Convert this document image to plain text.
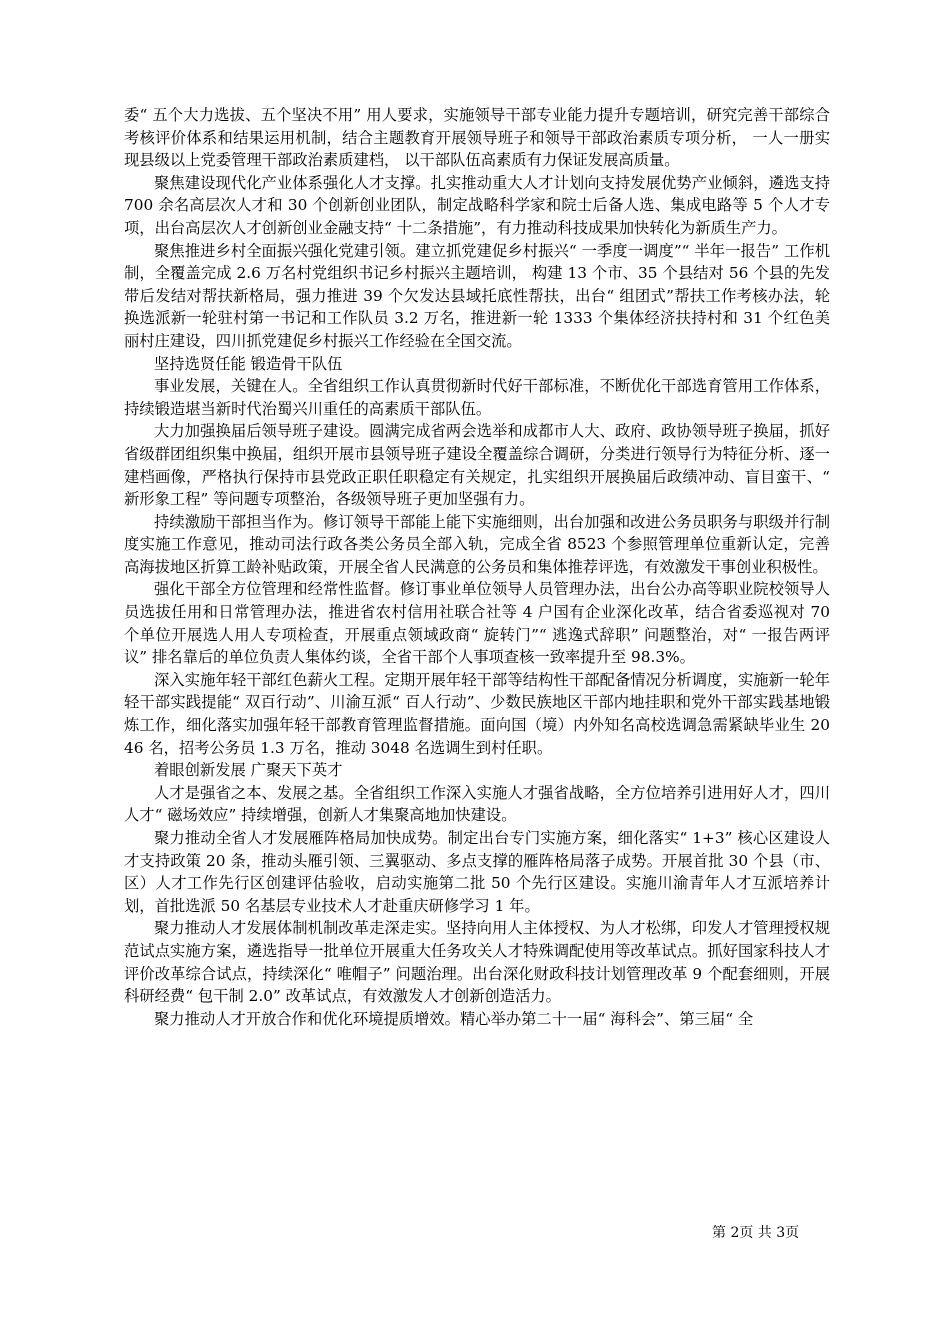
委“ 五个大力选拔、五个坚决不用” 用人要求，实施领导干部专业能力提升专题培训，研究完善干部综合考核评价体系和结果运用机制，结合主题教育开展领导班子和领导干部政治素质专项分析， 一人一册实现县级以上党委管理干部政治素质建档， 以干部队伍高素质有力保证发展高质量。

聚焦建设现代化产业体系强化人才支撑。扎实推动重大人才计划向支持发展优势产业倾斜，遴选支持 700 余名高层次人才和 30 个创新创业团队，制定战略科学家和院士后备人选、集成电路等 5 个人才专项，出台高层次人才创新创业金融支持“ 十二条措施”，有力推动科技成果加快转化为新质生产力。

聚焦推进乡村全面振兴强化党建引领。建立抓党建促乡村振兴“ 一季度一调度”“ 半年一报告” 工作机制，全覆盖完成 2.6 万名村党组织书记乡村振兴主题培训， 构建 13 个市、35 个县结对 56 个县的先发带后发结对帮扶新格局，强力推进 39 个欠发达县域托底性帮扶，出台“ 组团式”帮扶工作考核办法，轮换选派新一轮驻村第一书记和工作队员 3.2 万名，推进新一轮 1333 个集体经济扶持村和 31 个红色美丽村庄建设，四川抓党建促乡村振兴工作经验在全国交流。

坚持选贤任能 锻造骨干队伍

事业发展，关键在人。全省组织工作认真贯彻新时代好干部标准，不断优化干部选育管用工作体系，持续锻造堪当新时代治蜀兴川重任的高素质干部队伍。

大力加强换届后领导班子建设。圆满完成省两会选举和成都市人大、政府、政协领导班子换届，抓好省级群团组织集中换届，组织开展市县领导班子建设全覆盖综合调研，分类进行领导行为特征分析、逐一建档画像，严格执行保持市县党政正职任职稳定有关规定，扎实组织开展换届后政绩冲动、盲目蛮干、“ 新形象工程” 等问题专项整治，各级领导班子更加坚强有力。

持续激励干部担当作为。修订领导干部能上能下实施细则，出台加强和改进公务员职务与职级并行制度实施工作意见，推动司法行政各类公务员全部入轨，完成全省 8523 个参照管理单位重新认定，完善高海拔地区折算工龄补贴政策，开展全省人民满意的公务员和集体推荐评选，有效激发干事创业积极性。

强化干部全方位管理和经常性监督。修订事业单位领导人员管理办法，出台公办高等职业院校领导人员选拔任用和日常管理办法，推进省农村信用社联合社等 4 户国有企业深化改革，结合省委巡视对 70 个单位开展选人用人专项检查，开展重点领域政商“ 旋转门”“ 逃逸式辞职” 问题整治，对“ 一报告两评议” 排名靠后的单位负责人集体约谈，全省干部个人事项查核一致率提升至 98.3%。

深入实施年轻干部红色薪火工程。定期开展年轻干部等结构性干部配备情况分析调度，实施新一轮年轻干部实践提能“ 双百行动”、川渝互派“ 百人行动”、少数民族地区干部内地挂职和党外干部实践基地锻炼工作，细化落实加强年轻干部教育管理监督措施。面向国（境）内外知名高校选调急需紧缺毕业生 2046 名，招考公务员 1.3 万名，推动 3048 名选调生到村任职。

着眼创新发展 广聚天下英才

人才是强省之本、发展之基。全省组织工作深入实施人才强省战略，全方位培养引进用好人才，四川人才“ 磁场效应” 持续增强，创新人才集聚高地加快建设。

聚力推动全省人才发展雁阵格局加快成势。制定出台专门实施方案，细化落实“ 1+3” 核心区建设人才支持政策 20 条，推动头雁引领、三翼驱动、多点支撑的雁阵格局落子成势。开展首批 30 个县（市、区）人才工作先行区创建评估验收，启动实施第二批 50 个先行区建设。实施川渝青年人才互派培养计划，首批选派 50 名基层专业技术人才赴重庆研修学习 1 年。

聚力推动人才发展体制机制改革走深走实。坚持向用人主体授权、为人才松绑，印发人才管理授权规范试点实施方案，遴选指导一批单位开展重大任务攻关人才特殊调配使用等改革试点。抓好国家科技人才评价改革综合试点，持续深化“ 唯帽子” 问题治理。出台深化财政科技计划管理改革 9 个配套细则，开展科研经费“ 包干制 2.0” 改革试点，有效激发人才创新创造活力。

聚力推动人才开放合作和优化环境提质增效。精心举办第二十一届“ 海科会”、第三届“ 全

第 2页 共 3页
